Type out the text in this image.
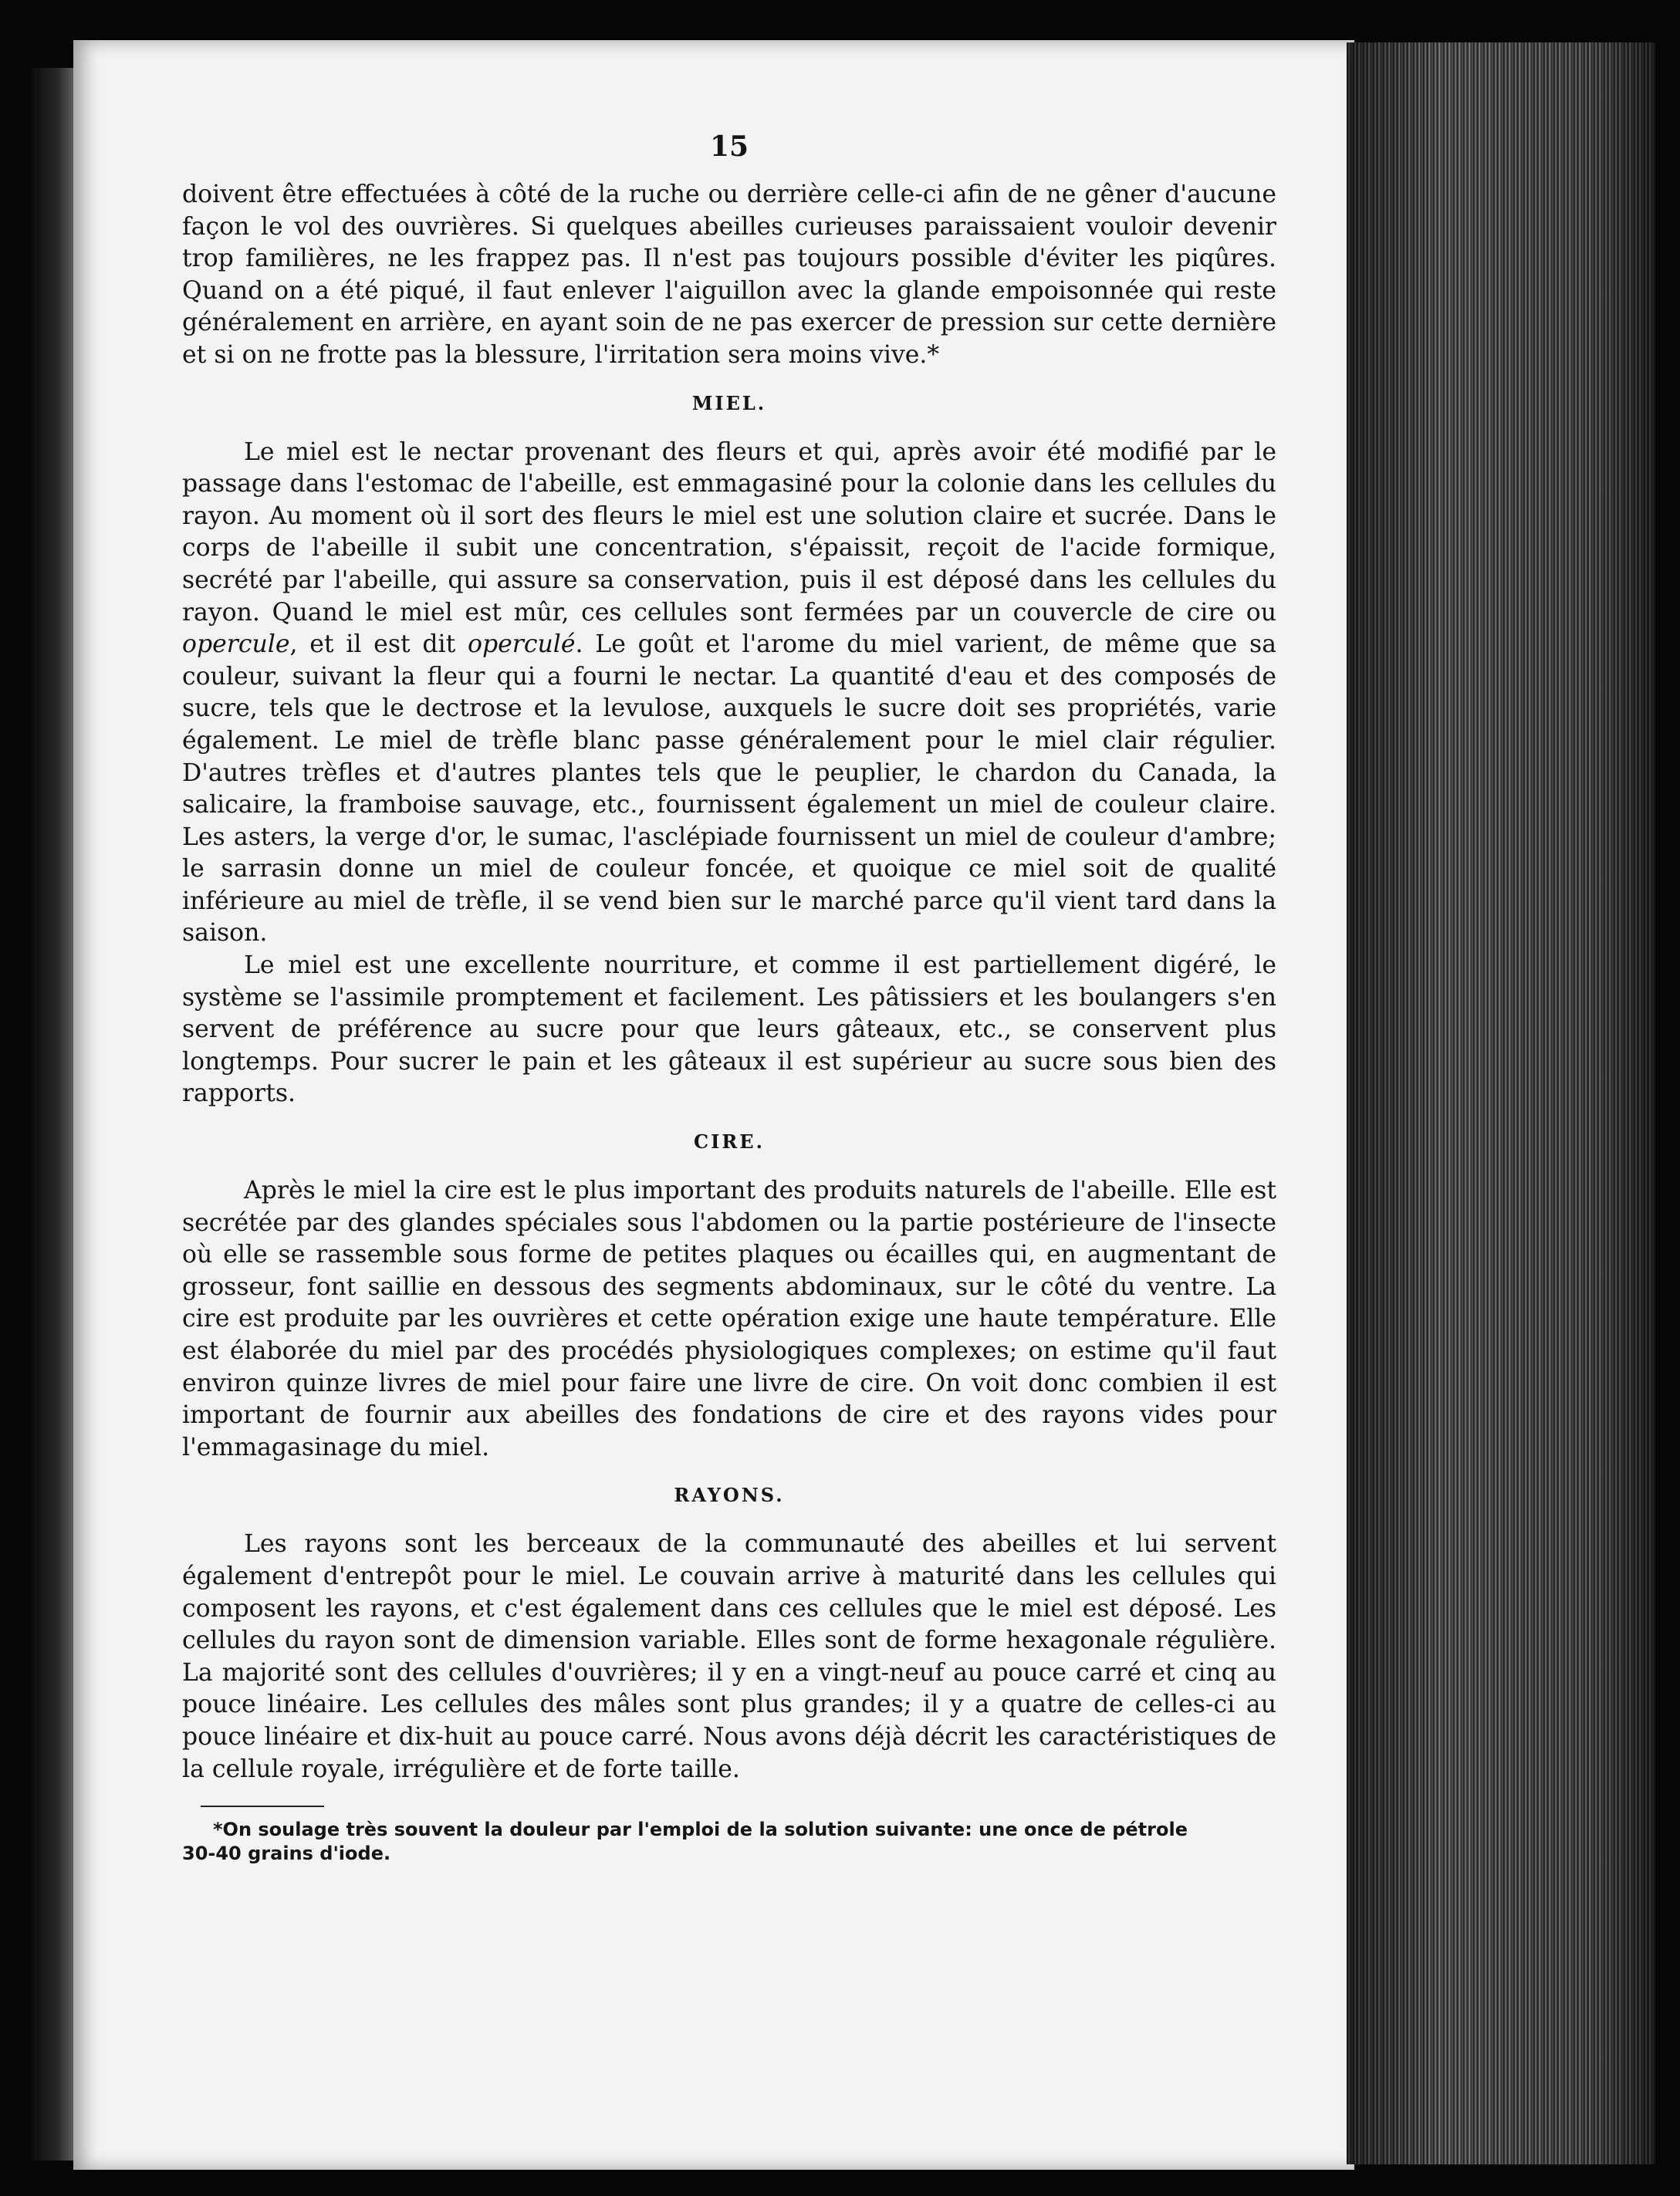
15

doivent être effectuées à côté de la ruche ou derrière celle-ci afin de ne gêner d'aucune façon le vol des ouvrières. Si quelques abeilles curieuses paraissaient vouloir devenir trop familières, ne les frappez pas. Il n'est pas toujours possible d'éviter les piqûres. Quand on a été piqué, il faut enlever l'aiguillon avec la glande empoisonnée qui reste généralement en arrière, en ayant soin de ne pas exercer de pression sur cette dernière et si on ne frotte pas la blessure, l'irritation sera moins vive.*

MIEL.

Le miel est le nectar provenant des fleurs et qui, après avoir été modifié par le passage dans l'estomac de l'abeille, est emmagasiné pour la colonie dans les cellules du rayon. Au moment où il sort des fleurs le miel est une solution claire et sucrée. Dans le corps de l'abeille il subit une concentration, s'épaissit, reçoit de l'acide formique, secrété par l'abeille, qui assure sa conservation, puis il est déposé dans les cellules du rayon. Quand le miel est mûr, ces cellules sont fermées par un couvercle de cire ou opercule, et il est dit operculé. Le goût et l'arome du miel varient, de même que sa couleur, suivant la fleur qui a fourni le nectar. La quantité d'eau et des composés de sucre, tels que le dectrose et la levulose, auxquels le sucre doit ses propriétés, varie également. Le miel de trèfle blanc passe généralement pour le miel clair régulier. D'autres trèfles et d'autres plantes tels que le peuplier, le chardon du Canada, la salicaire, la framboise sauvage, etc., fournissent également un miel de couleur claire. Les asters, la verge d'or, le sumac, l'asclépiade fournissent un miel de couleur d'ambre; le sarrasin donne un miel de couleur foncée, et quoique ce miel soit de qualité inférieure au miel de trèfle, il se vend bien sur le marché parce qu'il vient tard dans la saison.

Le miel est une excellente nourriture, et comme il est partiellement digéré, le système se l'assimile promptement et facilement. Les pâtissiers et les boulangers s'en servent de préférence au sucre pour que leurs gâteaux, etc., se conservent plus longtemps. Pour sucrer le pain et les gâteaux il est supérieur au sucre sous bien des rapports.

CIRE.

Après le miel la cire est le plus important des produits naturels de l'abeille. Elle est secrétée par des glandes spéciales sous l'abdomen ou la partie postérieure de l'insecte où elle se rassemble sous forme de petites plaques ou écailles qui, en augmentant de grosseur, font saillie en dessous des segments abdominaux, sur le côté du ventre. La cire est produite par les ouvrières et cette opération exige une haute température. Elle est élaborée du miel par des procédés physiologiques complexes; on estime qu'il faut environ quinze livres de miel pour faire une livre de cire. On voit donc combien il est important de fournir aux abeilles des fondations de cire et des rayons vides pour l'emmagasinage du miel.

RAYONS.

Les rayons sont les berceaux de la communauté des abeilles et lui servent également d'entrepôt pour le miel. Le couvain arrive à maturité dans les cellules qui composent les rayons, et c'est également dans ces cellules que le miel est déposé. Les cellules du rayon sont de dimension variable. Elles sont de forme hexagonale régulière. La majorité sont des cellules d'ouvrières; il y en a vingt-neuf au pouce carré et cinq au pouce linéaire. Les cellules des mâles sont plus grandes; il y a quatre de celles-ci au pouce linéaire et dix-huit au pouce carré. Nous avons déjà décrit les caractéristiques de la cellule royale, irrégulière et de forte taille.

*On soulage très souvent la douleur par l'emploi de la solution suivante: une once de pétrole

30-40 grains d'iode.
